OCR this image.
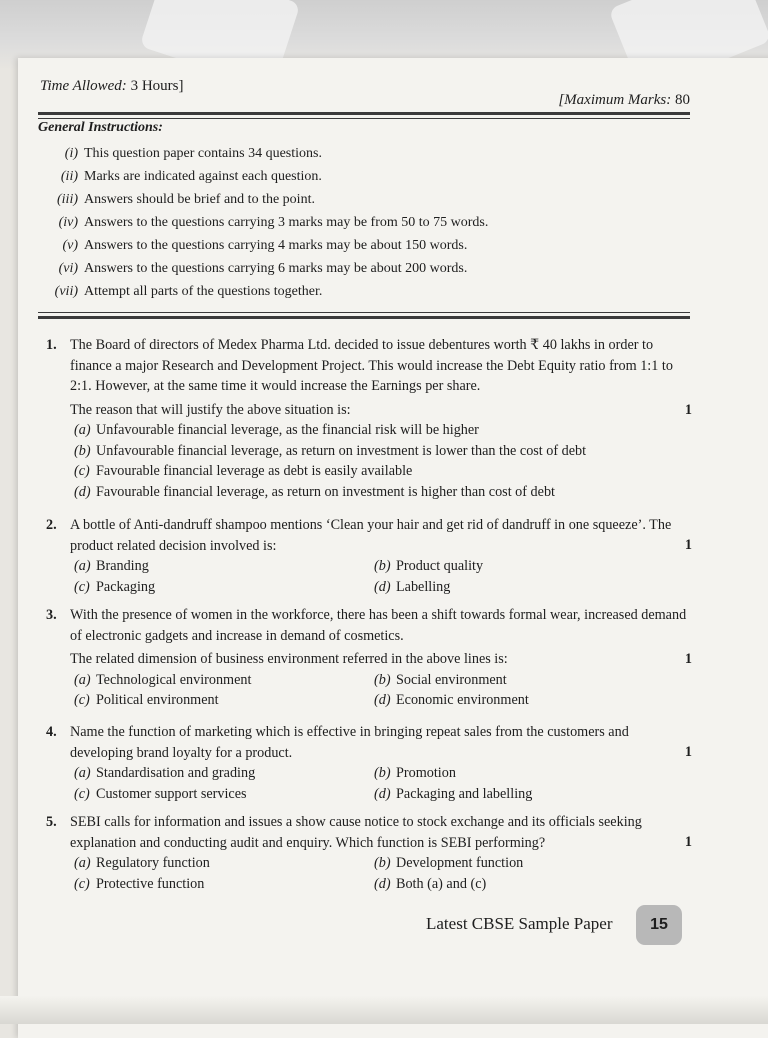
Time Allowed: 3 Hours]
[Maximum Marks: 80
General Instructions:
(i) This question paper contains 34 questions.
(ii) Marks are indicated against each question.
(iii) Answers should be brief and to the point.
(iv) Answers to the questions carrying 3 marks may be from 50 to 75 words.
(v) Answers to the questions carrying 4 marks may be about 150 words.
(vi) Answers to the questions carrying 6 marks may be about 200 words.
(vii) Attempt all parts of the questions together.
1. The Board of directors of Medex Pharma Ltd. decided to issue debentures worth ₹ 40 lakhs in order to finance a major Research and Development Project. This would increase the Debt Equity ratio from 1:1 to 2:1. However, at the same time it would increase the Earnings per share.
1
The reason that will justify the above situation is:
(a) Unfavourable financial leverage, as the financial risk will be higher
(b) Unfavourable financial leverage, as return on investment is lower than the cost of debt
(c) Favourable financial leverage as debt is easily available
(d) Favourable financial leverage, as return on investment is higher than cost of debt
2.
1
A bottle of Anti-dandruff shampoo mentions ‘Clean your hair and get rid of dandruff in one squeeze’. The product related decision involved is:
(a) Branding	(b) Product quality
(c) Packaging	(d) Labelling
3. With the presence of women in the workforce, there has been a shift towards formal wear, increased demand of electronic gadgets and increase in demand of cosmetics.
1
The related dimension of business environment referred in the above lines is:
(a) Technological environment	(b) Social environment
(c) Political environment	(d) Economic environment
4.
1
Name the function of marketing which is effective in bringing repeat sales from the customers and developing brand loyalty for a product.
(a) Standardisation and grading	(b) Promotion
(c) Customer support services	(d) Packaging and labelling
5.
1
SEBI calls for information and issues a show cause notice to stock exchange and its officials seeking explanation and conducting audit and enquiry. Which function is SEBI performing?
(a) Regulatory function	(b) Development function
(c) Protective function	(d) Both (a) and (c)
Latest CBSE Sample Paper	15
